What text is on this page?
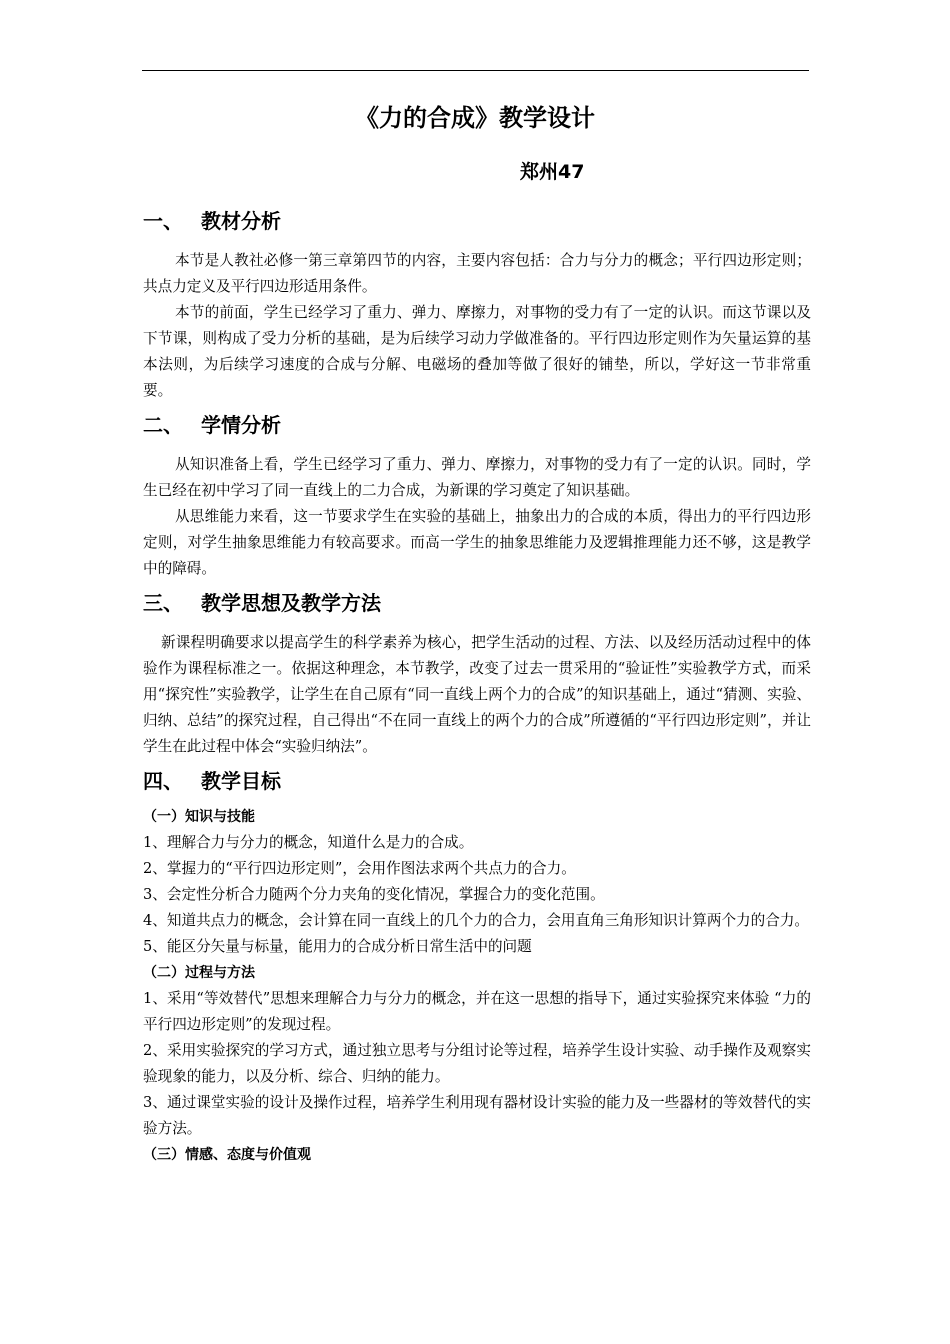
《力的合成》教学设计
郑州47
一、 教材分析

本节是人教社必修一第三章第四节的内容，主要内容包括：合力与分力的概念；平行四边形定则；共点力定义及平行四边形适用条件。

本节的前面，学生已经学习了重力、弹力、摩擦力，对事物的受力有了一定的认识。而这节课以及下节课，则构成了受力分析的基础，是为后续学习动力学做准备的。平行四边形定则作为矢量运算的基本法则，为后续学习速度的合成与分解、电磁场的叠加等做了很好的铺垫，所以，学好这一节非常重要。

二、 学情分析

从知识准备上看，学生已经学习了重力、弹力、摩擦力，对事物的受力有了一定的认识。同时，学生已经在初中学习了同一直线上的二力合成，为新课的学习奠定了知识基础。

从思维能力来看，这一节要求学生在实验的基础上，抽象出力的合成的本质，得出力的平行四边形定则，对学生抽象思维能力有较高要求。而高一学生的抽象思维能力及逻辑推理能力还不够，这是教学中的障碍。

三、 教学思想及教学方法

新课程明确要求以提高学生的科学素养为核心，把学生活动的过程、方法、以及经历活动过程中的体验作为课程标准之一。依据这种理念，本节教学，改变了过去一贯采用的“验证性”实验教学方式，而采用“探究性”实验教学，让学生在自己原有“同一直线上两个力的合成”的知识基础上，通过“猜测、实验、归纳、总结”的探究过程，自己得出“不在同一直线上的两个力的合成”所遵循的“平行四边形定则”，并让学生在此过程中体会“实验归纳法”。

四、 教学目标

（一）知识与技能

1、理解合力与分力的概念，知道什么是力的合成。

2、掌握力的“平行四边形定则”，会用作图法求两个共点力的合力。

3、会定性分析合力随两个分力夹角的变化情况，掌握合力的变化范围。

4、知道共点力的概念，会计算在同一直线上的几个力的合力，会用直角三角形知识计算两个力的合力。

5、能区分矢量与标量，能用力的合成分析日常生活中的问题

（二）过程与方法

1、采用“等效替代”思想来理解合力与分力的概念，并在这一思想的指导下，通过实验探究来体验 “力的平行四边形定则”的发现过程。

2、采用实验探究的学习方式，通过独立思考与分组讨论等过程，培养学生设计实验、动手操作及观察实验现象的能力，以及分析、综合、归纳的能力。

3、通过课堂实验的设计及操作过程，培养学生利用现有器材设计实验的能力及一些器材的等效替代的实验方法。

（三）情感、态度与价值观
